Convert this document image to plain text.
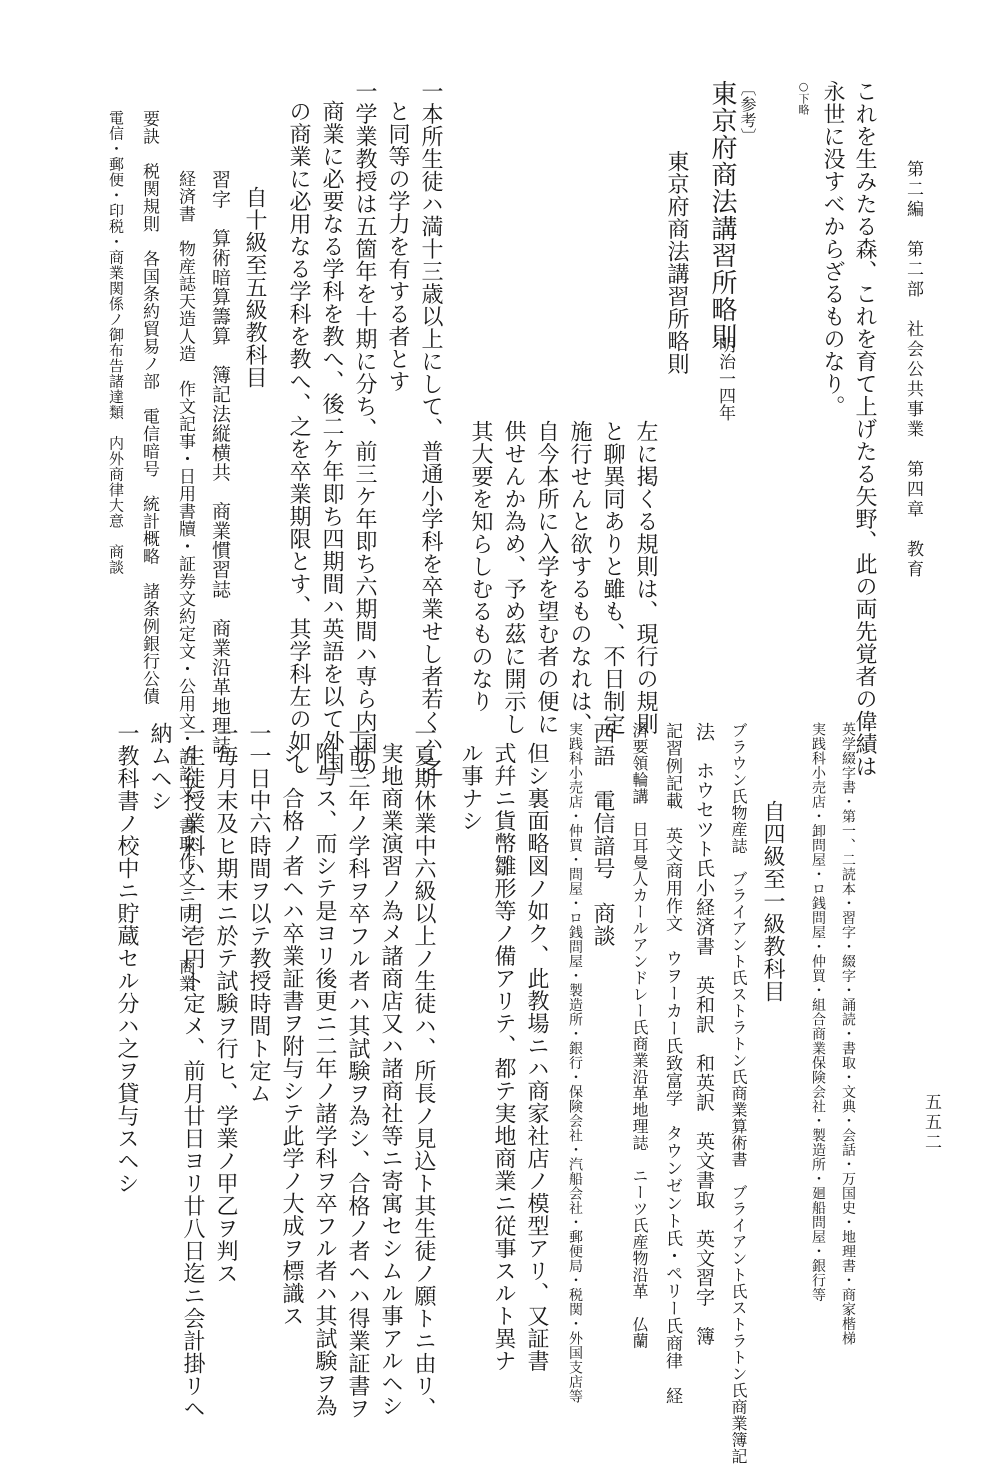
第二編　第二部　社会公共事業　第四章　教育
五五二
これを生みたる森、これを育て上げたる矢野、此の両先覚者の偉績は
永世に没すべからざるものなり。
○下略
〔参考〕
東京府商法講習所略則
明治一四年
東京府商法講習所略則
左に掲くる規則は、現行の規則
と聊異同ありと雖も、不日制定
施行せんと欲するものなれは、
自今本所に入学を望む者の便に
供せんか為め、予め茲に開示し
其大要を知らしむるものなり
一本所生徒ハ満十三歳以上にして、普通小学科を卒業せし者若くハ之
と同等の学力を有する者とす
一学業教授は五箇年を十期に分ち、前三ケ年即ち六期間ハ専ら内国の
商業に必要なる学科を教へ、後二ケ年即ち四期間ハ英語を以て外国
の商業に必用なる学科を教へ、之を卒業期限とす、其学科左の如し
自十級至五級教科目
習字　算術暗算籌算　簿記法縦横共　商業慣習誌　商業沿革地理誌
経済書　物産誌天造人造　作文記事・日用書牘・証券文約定文・公用文・訴訟文　書取作文ニ同シ　商業
要訣　税関規則　各国条約貿易ノ部　電信暗号　統計概略　諸条例銀行公債
電信・郵便・印税・商業関係ノ御布告諸達類　内外商律大意　商談
英学綴字書・第一、二読本・習字・綴字・誦読・書取・文典・会話・万国史・地理書・商家楷梯
実践科小売店・卸問屋・ロ銭問屋・仲買・組合商業保険会社・製造所・廻船問屋・銀行等
自四級至一級教科目
ブラウン氏物産誌　ブライアント氏ストラトン氏商業算術書　ブライアント氏ストラトン氏商業簿記
法　ホウセツト氏小経済書　英和訳　和英訳　英文書取　英文習字　簿
記習例記載　英文商用作文　ウヲーカー氏致富学　タウンゼント氏・ペリー氏商律　経
済要領輪講　日耳曼人カールアンドレー氏商業沿革地理誌　ニーツ氏産物沿革　仏蘭
西語　電信諳号　商談
実践科小売店・仲買・問屋・ロ銭問屋・製造所・銀行・保険会社・汽船会社・郵便局・税関・外国支店等
但シ裏面略図ノ如ク、此教場ニハ商家社店ノ模型アリ、又証書
式幷ニ貨幣雛形等ノ備アリテ、都テ実地商業ニ従事スルト異ナ
ル事ナシ
一夏期休業中六級以上ノ生徒ハ、所長ノ見込ト其生徒ノ願トニ由リ、
実地商業演習ノ為メ諸商店又ハ諸商社等ニ寄寓セシムル事アルヘシ
一前三年ノ学科ヲ卒フル者ハ其試験ヲ為シ、合格ノ者ヘハ得業証書ヲ
附与ス、而シテ是ヨリ後更ニ二年ノ諸学科ヲ卒フル者ハ其試験ヲ為
シ、合格ノ者ヘハ卒業証書ヲ附与シテ此学ノ大成ヲ標識ス
一一日中六時間ヲ以テ教授時間ト定ム
一毎月末及ヒ期末ニ於テ試験ヲ行ヒ、学業ノ甲乙ヲ判ス
一生徒授業料ハ一月壱円ト定メ、前月廿日ヨリ廿八日迄ニ会計掛リヘ
納ムヘシ
一教科書ノ校中ニ貯蔵セル分ハ之ヲ貸与スヘシ
